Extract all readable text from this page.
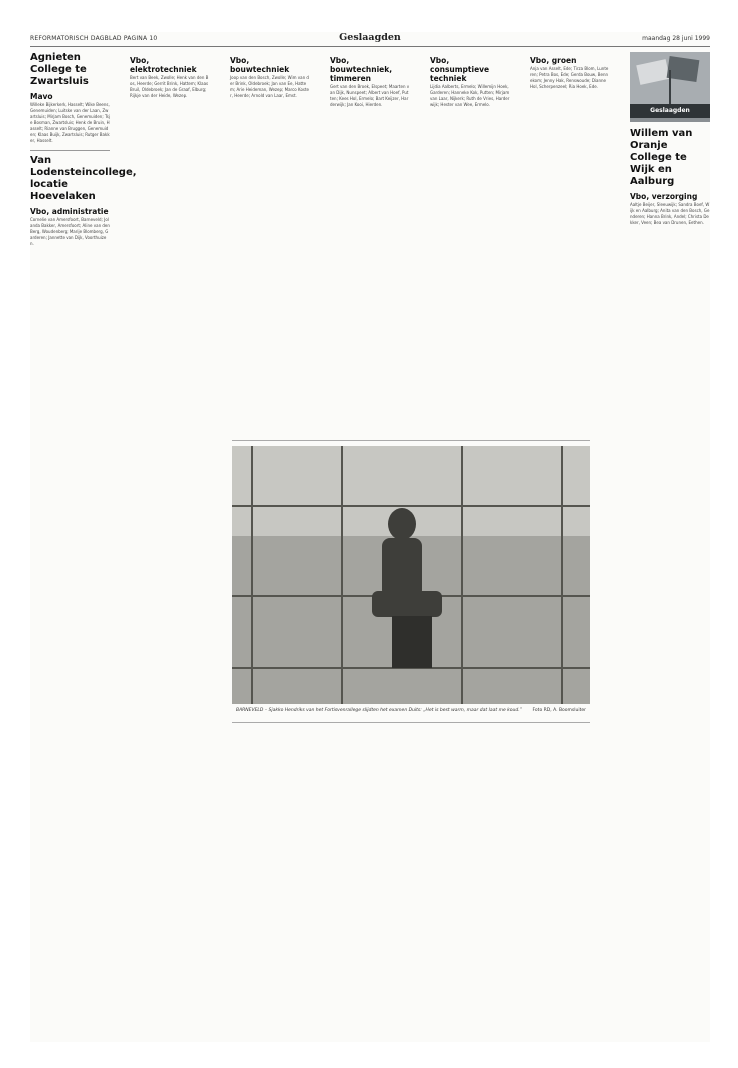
REFORMATORISCH DAGBLAD PAGINA 10	Geslaagden	maandag 28 juni 1999
Geslaagden
Agnieten College te Zwartsluis
Mavo

Willeke Bijkerkerk, Hasselt; Wike Beens, Genemuiden; Luitske van der Laan, Zwartsluis; Mirjam Bosch, Genemuiden; Tsje Bosman, Zwartsluis; Henk de Bruin, Hasselt; Rianne van Bruggen, Genemuiden; Klaas Buijk, Zwartsluis; Rutger Bakker, Hasselt.

Van Lodensteincollege, locatie Hoevelaken
Vbo, administratie

Cornelie van Amersfoort, Barneveld; Jolanda Bakker, Amersfoort; Aline van den Berg, Woudenberg; Marije Blomberg, Garderen; Jannette van Dijk, Voorthuizen.

Vbo, elektrotechniek

Bert van Beek, Zwolle; Henk van den Bos, Heerde; Gerrit Brink, Hattem; Klaas Bruil, Oldebroek; Jan de Graaf, Elburg; Rijkje van der Heide, Wezep.

Vbo, bouwtechniek

Joop van den Bosch, Zwolle; Wim van der Brink, Oldebroek; Jan van Ee, Hattem; Arie Heideman, Wezep; Marco Koster, Heerde; Arnold van Laar, Emst.

Vbo, bouwtechniek, timmeren

Gert van den Broek, Elspeet; Maarten van Dijk, Nunspeet; Albert van Hoef, Putten; Kees Hol, Ermelo; Bart Keijzer, Harderwijk; Jan Kooi, Hierden.

Vbo, consumptieve techniek

Lijdia Aalberts, Ermelo; Willemijn Hoek, Garderen; Hanneke Kok, Putten; Mirjam van Laar, Nijkerk; Ruth de Vries, Harderwijk; Hester van Wee, Ermelo.

Vbo, groen

Anja van Asselt, Ede; Tirza Blom, Lunteren; Petra Bos, Ede; Gerda Bouw, Bennekom; Jenny Hak, Renswoude; Dianne Hol, Scherpenzeel; Ria Hoek, Ede.

Willem van Oranje College te Wijk en Aalburg
Vbo, verzorging

Aaltje Beijer, Sleeuwijk; Sandra Boef, Wijk en Aalburg; Anita van den Bosch, Genderen; Hanna Brink, Andel; Christa Dekker, Veen; Bea van Drunen, Eethen.

BARNEVELD – Sjakko Hendriks van het Fortisvenrallege slijdten het examen Duits: „Het is best warm, maar dat laat me koud.” Foto RD, A. Boomsluiter
